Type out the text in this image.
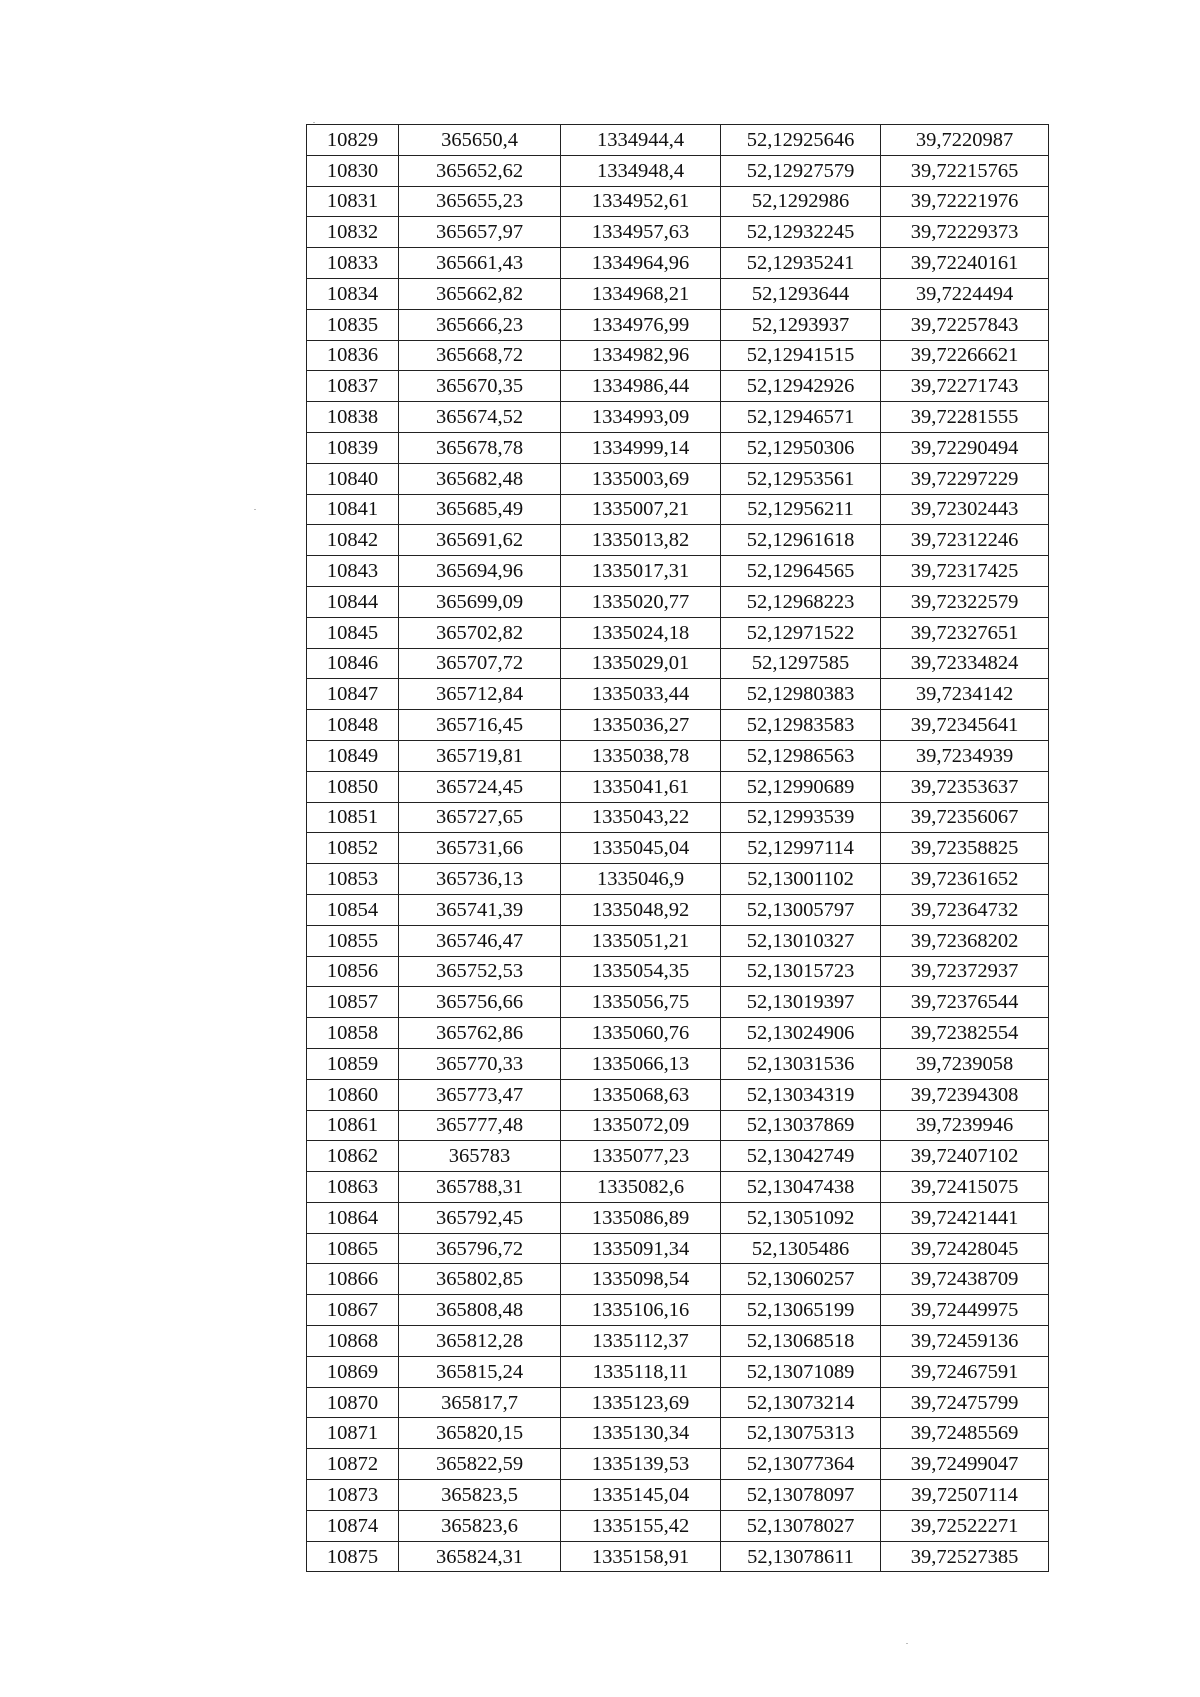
10829	365650,4	1334944,4	52,12925646	39,7220987
10830	365652,62	1334948,4	52,12927579	39,72215765
10831	365655,23	1334952,61	52,1292986	39,72221976
10832	365657,97	1334957,63	52,12932245	39,72229373
10833	365661,43	1334964,96	52,12935241	39,72240161
10834	365662,82	1334968,21	52,1293644	39,7224494
10835	365666,23	1334976,99	52,1293937	39,72257843
10836	365668,72	1334982,96	52,12941515	39,72266621
10837	365670,35	1334986,44	52,12942926	39,72271743
10838	365674,52	1334993,09	52,12946571	39,72281555
10839	365678,78	1334999,14	52,12950306	39,72290494
10840	365682,48	1335003,69	52,12953561	39,72297229
10841	365685,49	1335007,21	52,12956211	39,72302443
10842	365691,62	1335013,82	52,12961618	39,72312246
10843	365694,96	1335017,31	52,12964565	39,72317425
10844	365699,09	1335020,77	52,12968223	39,72322579
10845	365702,82	1335024,18	52,12971522	39,72327651
10846	365707,72	1335029,01	52,1297585	39,72334824
10847	365712,84	1335033,44	52,12980383	39,7234142
10848	365716,45	1335036,27	52,12983583	39,72345641
10849	365719,81	1335038,78	52,12986563	39,7234939
10850	365724,45	1335041,61	52,12990689	39,72353637
10851	365727,65	1335043,22	52,12993539	39,72356067
10852	365731,66	1335045,04	52,12997114	39,72358825
10853	365736,13	1335046,9	52,13001102	39,72361652
10854	365741,39	1335048,92	52,13005797	39,72364732
10855	365746,47	1335051,21	52,13010327	39,72368202
10856	365752,53	1335054,35	52,13015723	39,72372937
10857	365756,66	1335056,75	52,13019397	39,72376544
10858	365762,86	1335060,76	52,13024906	39,72382554
10859	365770,33	1335066,13	52,13031536	39,7239058
10860	365773,47	1335068,63	52,13034319	39,72394308
10861	365777,48	1335072,09	52,13037869	39,7239946
10862	365783	1335077,23	52,13042749	39,72407102
10863	365788,31	1335082,6	52,13047438	39,72415075
10864	365792,45	1335086,89	52,13051092	39,72421441
10865	365796,72	1335091,34	52,1305486	39,72428045
10866	365802,85	1335098,54	52,13060257	39,72438709
10867	365808,48	1335106,16	52,13065199	39,72449975
10868	365812,28	1335112,37	52,13068518	39,72459136
10869	365815,24	1335118,11	52,13071089	39,72467591
10870	365817,7	1335123,69	52,13073214	39,72475799
10871	365820,15	1335130,34	52,13075313	39,72485569
10872	365822,59	1335139,53	52,13077364	39,72499047
10873	365823,5	1335145,04	52,13078097	39,72507114
10874	365823,6	1335155,42	52,13078027	39,72522271
10875	365824,31	1335158,91	52,13078611	39,72527385
